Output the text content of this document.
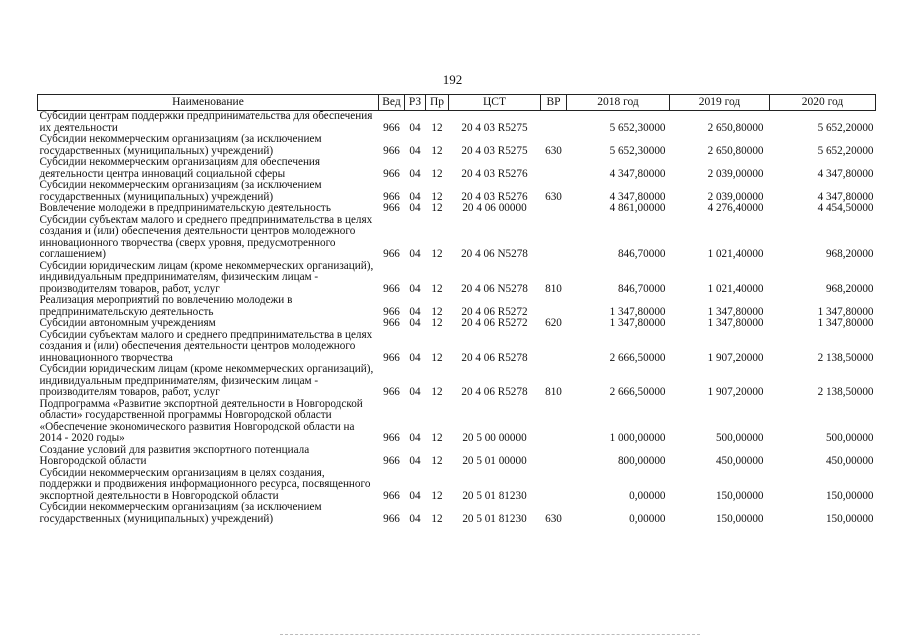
192
Наименование	Вед	РЗ	Пр	ЦСТ	ВР	2018 год	2019 год	2020 год
Субсидии центрам поддержки предпринимательства для обеспечения их деятельности	966	04	12	20 4 03 R5275		5 652,30000	2 650,80000	5 652,20000
Субсидии некоммерческим организациям (за исключением государственных (муниципальных) учреждений)	966	04	12	20 4 03 R5275	630	5 652,30000	2 650,80000	5 652,20000
Субсидии некоммерческим организациям для обеспечения деятельности центра инноваций социальной сферы	966	04	12	20 4 03 R5276		4 347,80000	2 039,00000	4 347,80000
Субсидии некоммерческим организациям (за исключением государственных (муниципальных) учреждений)	966	04	12	20 4 03 R5276	630	4 347,80000	2 039,00000	4 347,80000
Вовлечение молодежи в предпринимательскую деятельность	966	04	12	20 4 06 00000		4 861,00000	4 276,40000	4 454,50000
Субсидии субъектам малого и среднего предпринимательства в целях создания и (или) обеспечения деятельности центров молодежного инновационного творчества (сверх уровня, предусмотренного соглашением)	966	04	12	20 4 06 N5278		846,70000	1 021,40000	968,20000
Субсидии юридическим лицам (кроме некоммерческих организаций), индивидуальным предпринимателям, физическим лицам - производителям товаров, работ, услуг	966	04	12	20 4 06 N5278	810	846,70000	1 021,40000	968,20000
Реализация мероприятий по вовлечению молодежи в предпринимательскую деятельность	966	04	12	20 4 06 R5272		1 347,80000	1 347,80000	1 347,80000
Субсидии автономным учреждениям	966	04	12	20 4 06 R5272	620	1 347,80000	1 347,80000	1 347,80000
Субсидии субъектам малого и среднего предпринимательства в целях создания и (или) обеспечения деятельности центров молодежного инновационного творчества	966	04	12	20 4 06 R5278		2 666,50000	1 907,20000	2 138,50000
Субсидии юридическим лицам (кроме некоммерческих организаций), индивидуальным предпринимателям, физическим лицам - производителям товаров, работ, услуг	966	04	12	20 4 06 R5278	810	2 666,50000	1 907,20000	2 138,50000
Подпрограмма «Развитие экспортной деятельности в Новгородской области» государственной программы Новгородской области «Обеспечение экономического развития Новгородской области на 2014 - 2020 годы»	966	04	12	20 5 00 00000		1 000,00000	500,00000	500,00000
Создание условий для развития экспортного потенциала Новгородской области	966	04	12	20 5 01 00000		800,00000	450,00000	450,00000
Субсидии некоммерческим организациям в целях создания, поддержки и продвижения информационного ресурса, посвященного экспортной деятельности в Новгородской области	966	04	12	20 5 01 81230		0,00000	150,00000	150,00000
Субсидии некоммерческим организациям (за исключением государственных (муниципальных) учреждений)	966	04	12	20 5 01 81230	630	0,00000	150,00000	150,00000
